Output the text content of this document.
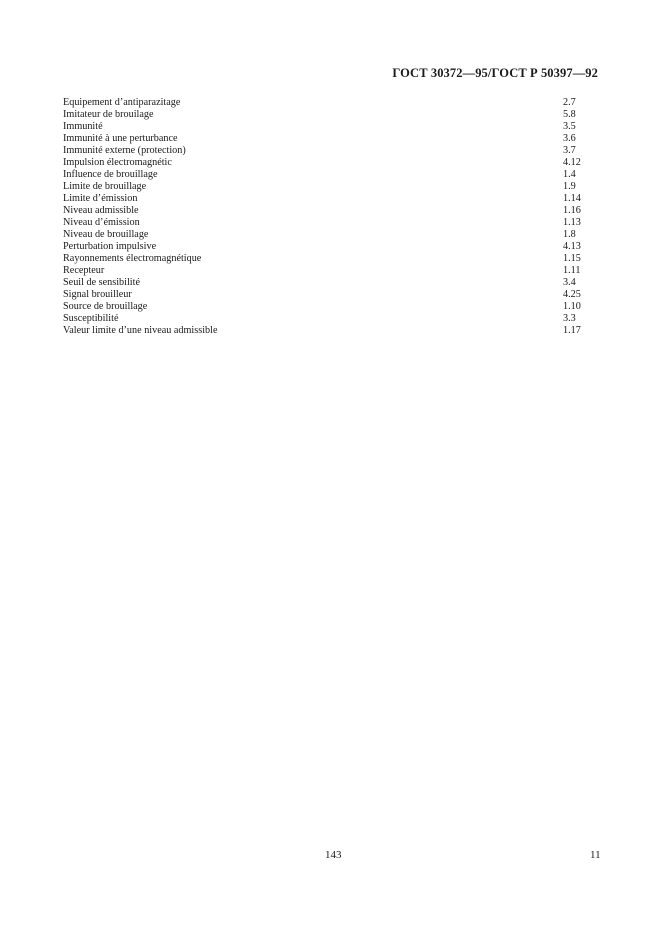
ГОСТ 30372—95/ГОСТ Р 50397—92
Equipement d’antiparazitage	2.7
Imitateur de brouilage	5.8
Immunité	3.5
Immunité à une perturbance	3.6
Immunité externe (protection)	3.7
Impulsion électromagnétic	4.12
Influence de brouillage	1.4
Limite de brouillage	1.9
Limite d’émission	1.14
Niveau admissible	1.16
Niveau d’émission	1.13
Niveau de brouillage	1.8
Perturbation impulsive	4.13
Rayonnements électromagnétique	1.15
Recepteur	1.11
Seuil de sensibilité	3.4
Signal brouilleur	4.25
Source de brouillage	1.10
Susceptibilité	3.3
Valeur limite d’une niveau admissible	1.17
143	11
